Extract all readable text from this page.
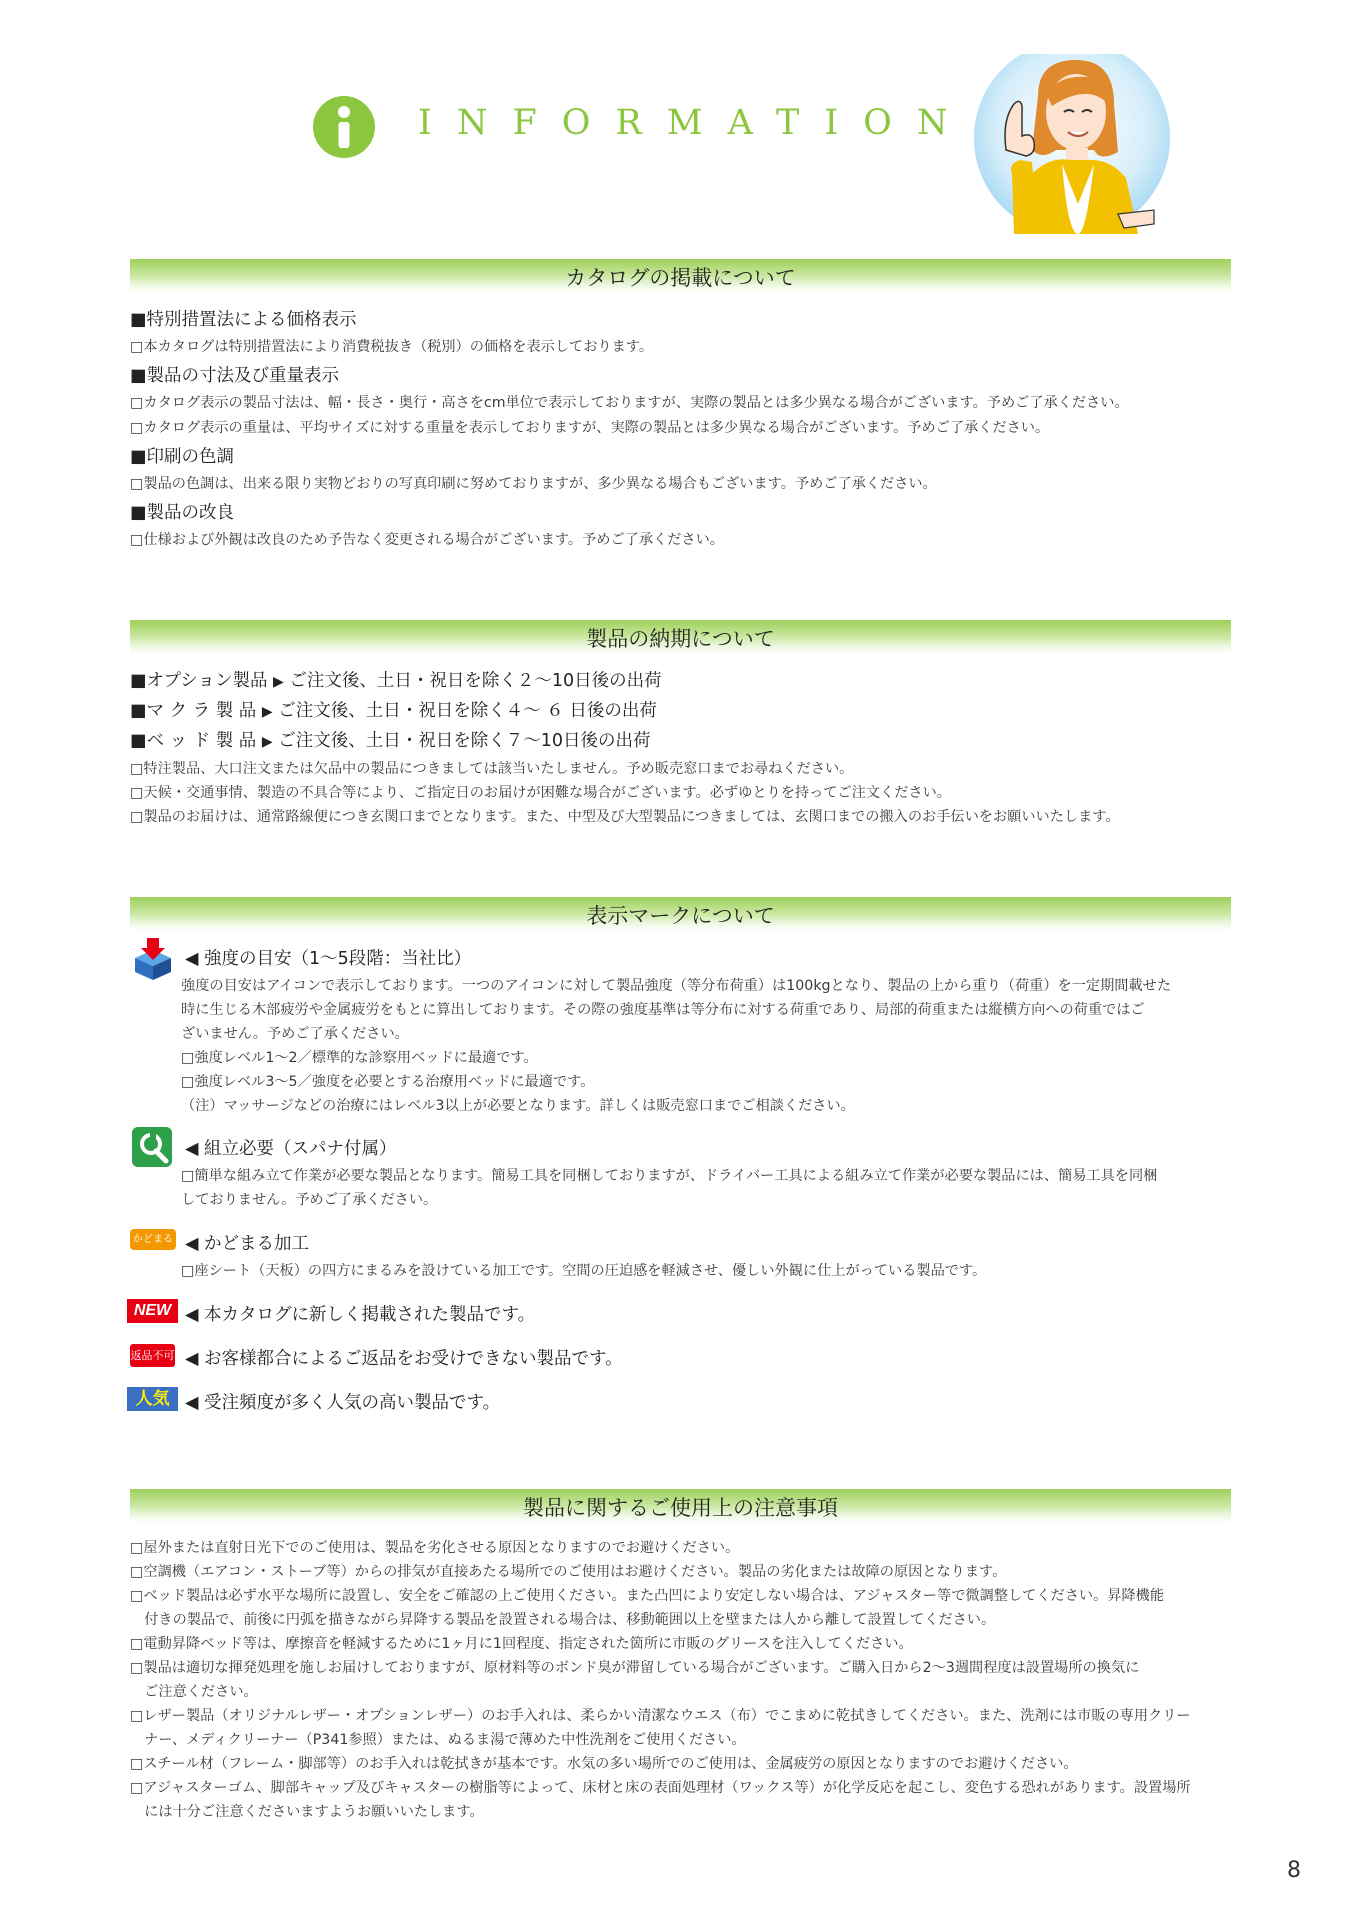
INFORMATION
カタログの掲載について
■特別措置法による価格表示
□本カタログは特別措置法により消費税抜き（税別）の価格を表示しております。
■製品の寸法及び重量表示
□カタログ表示の製品寸法は、幅・長さ・奥行・高さをcm単位で表示しておりますが、実際の製品とは多少異なる場合がございます。予めご了承ください。
□カタログ表示の重量は、平均サイズに対する重量を表示しておりますが、実際の製品とは多少異なる場合がございます。予めご了承ください。
■印刷の色調
□製品の色調は、出来る限り実物どおりの写真印刷に努めておりますが、多少異なる場合もございます。予めご了承ください。
■製品の改良
□仕様および外観は改良のため予告なく変更される場合がございます。予めご了承ください。
製品の納期について
■オプション製品 ▶ ご注文後、土日・祝日を除く２～10日後の出荷
■マ ク ラ 製 品 ▶ ご注文後、土日・祝日を除く４～ ６ 日後の出荷
■ベ ッ ド 製 品 ▶ ご注文後、土日・祝日を除く７～10日後の出荷
□特注製品、大口注文または欠品中の製品につきましては該当いたしません。予め販売窓口までお尋ねください。
□天候・交通事情、製造の不具合等により、ご指定日のお届けが困難な場合がございます。必ずゆとりを持ってご注文ください。
□製品のお届けは、通常路線便につき玄関口までとなります。また、中型及び大型製品につきましては、玄関口までの搬入のお手伝いをお願いいたします。
表示マークについて
◀ 強度の目安（1～5段階：当社比）
強度の目安はアイコンで表示しております。一つのアイコンに対して製品強度（等分布荷重）は100kgとなり、製品の上から重り（荷重）を一定期間載せた
時に生じる木部疲労や金属疲労をもとに算出しております。その際の強度基準は等分布に対する荷重であり、局部的荷重または縦横方向への荷重ではご
ざいません。予めご了承ください。
□強度レベル1～2／標準的な診察用ベッドに最適です。
□強度レベル3～5／強度を必要とする治療用ベッドに最適です。
（注）マッサージなどの治療にはレベル3以上が必要となります。詳しくは販売窓口までご相談ください。
◀ 組立必要（スパナ付属）
□簡単な組み立て作業が必要な製品となります。簡易工具を同梱しておりますが、ドライバー工具による組み立て作業が必要な製品には、簡易工具を同梱
しておりません。予めご了承ください。
かどまる ◀ かどまる加工
□座シート（天板）の四方にまるみを設けている加工です。空間の圧迫感を軽減させ、優しい外観に仕上がっている製品です。
NEW ◀ 本カタログに新しく掲載された製品です。
返品不可 ◀ お客様都合によるご返品をお受けできない製品です。
人気 ◀ 受注頻度が多く人気の高い製品です。
製品に関するご使用上の注意事項
□屋外または直射日光下でのご使用は、製品を劣化させる原因となりますのでお避けください。
□空調機（エアコン・ストーブ等）からの排気が直接あたる場所でのご使用はお避けください。製品の劣化または故障の原因となります。
□ベッド製品は必ず水平な場所に設置し、安全をご確認の上ご使用ください。また凸凹により安定しない場合は、アジャスター等で微調整してください。昇降機能
　付きの製品で、前後に円弧を描きながら昇降する製品を設置される場合は、移動範囲以上を壁または人から離して設置してください。
□電動昇降ベッド等は、摩擦音を軽減するために1ヶ月に1回程度、指定された箇所に市販のグリースを注入してください。
□製品は適切な揮発処理を施しお届けしておりますが、原材料等のボンド臭が滞留している場合がございます。ご購入日から2～3週間程度は設置場所の換気に
　ご注意ください。
□レザー製品（オリジナルレザー・オプションレザー）のお手入れは、柔らかい清潔なウエス（布）でこまめに乾拭きしてください。また、洗剤には市販の専用クリー
　ナー、メディクリーナー（P341参照）または、ぬるま湯で薄めた中性洗剤をご使用ください。
□スチール材（フレーム・脚部等）のお手入れは乾拭きが基本です。水気の多い場所でのご使用は、金属疲労の原因となりますのでお避けください。
□アジャスターゴム、脚部キャップ及びキャスターの樹脂等によって、床材と床の表面処理材（ワックス等）が化学反応を起こし、変色する恐れがあります。設置場所
　には十分ご注意くださいますようお願いいたします。
8
